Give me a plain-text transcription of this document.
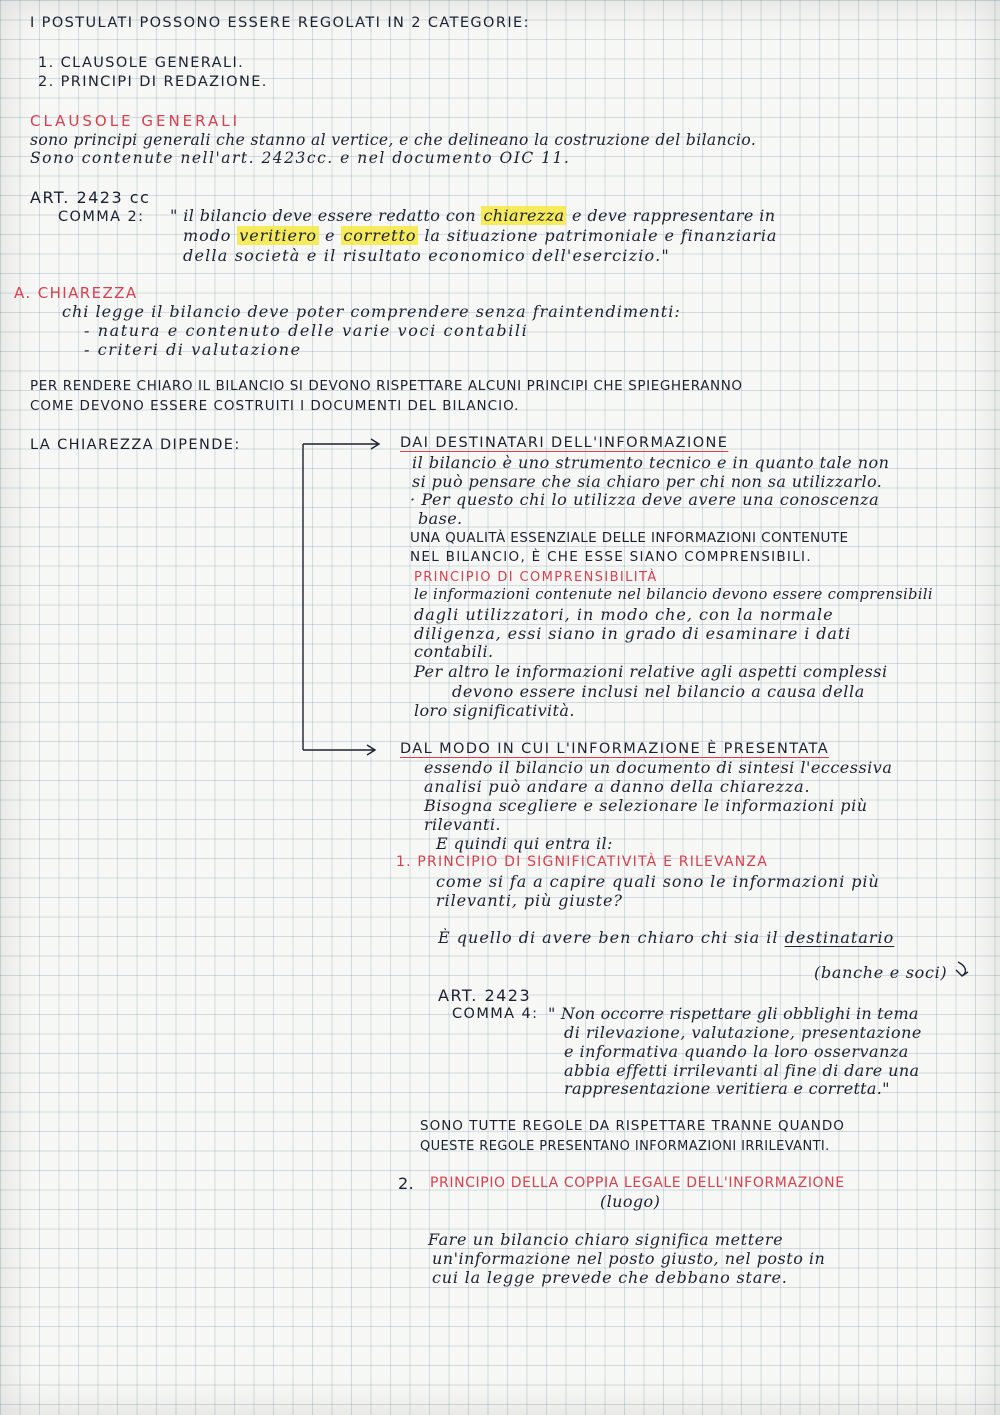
I POSTULATI POSSONO ESSERE REGOLATI IN 2 CATEGORIE:
1. CLAUSOLE GENERALI.
2. PRINCIPI DI REDAZIONE.
CLAUSOLE GENERALI
sono principi generali che stanno al vertice, e che delineano la costruzione del bilancio.
Sono contenute nell'art. 2423cc. e nel documento OIC 11.
ART. 2423 cc
COMMA 2: " il bilancio deve essere redatto con chiarezza e deve rappresentare in
modo veritiero e corretto la situazione patrimoniale e finanziaria
della società e il risultato economico dell'esercizio."
A. CHIAREZZA
chi legge il bilancio deve poter comprendere senza fraintendimenti:
- natura e contenuto delle varie voci contabili
- criteri di valutazione
PER RENDERE CHIARO IL BILANCIO SI DEVONO RISPETTARE ALCUNI PRINCIPI CHE SPIEGHERANNO
COME DEVONO ESSERE COSTRUITI I DOCUMENTI DEL BILANCIO.
LA CHIAREZZA DIPENDE:	DAI DESTINATARI DELL'INFORMAZIONE
il bilancio è uno strumento tecnico e in quanto tale non
si può pensare che sia chiaro per chi non sa utilizzarlo.
· Per questo chi lo utilizza deve avere una conoscenza
base.
UNA QUALITÀ ESSENZIALE DELLE INFORMAZIONI CONTENUTE
NEL BILANCIO, È CHE ESSE SIANO COMPRENSIBILI.
PRINCIPIO DI COMPRENSIBILITÀ
le informazioni contenute nel bilancio devono essere comprensibili
dagli utilizzatori, in modo che, con la normale
diligenza, essi siano in grado di esaminare i dati
contabili.
Per altro le informazioni relative agli aspetti complessi
devono essere inclusi nel bilancio a causa della
loro significatività.
DAL MODO IN CUI L'INFORMAZIONE È PRESENTATA
essendo il bilancio un documento di sintesi l'eccessiva
analisi può andare a danno della chiarezza.
Bisogna scegliere e selezionare le informazioni più
rilevanti.
E quindi qui entra il:
1. PRINCIPIO DI SIGNIFICATIVITÀ E RILEVANZA
come si fa a capire quali sono le informazioni più
rilevanti, più giuste?
È quello di avere ben chiaro chi sia il destinatario
(banche e soci)
ART. 2423
COMMA 4: " Non occorre rispettare gli obblighi in tema
di rilevazione, valutazione, presentazione
e informativa quando la loro osservanza
abbia effetti irrilevanti al fine di dare una
rappresentazione veritiera e corretta."
SONO TUTTE REGOLE DA RISPETTARE TRANNE QUANDO
QUESTE REGOLE PRESENTANO INFORMAZIONI IRRILEVANTI.
2. PRINCIPIO DELLA COPPIA LEGALE DELL'INFORMAZIONE
(luogo)
Fare un bilancio chiaro significa mettere
un'informazione nel posto giusto, nel posto in
cui la legge prevede che debbano stare.
